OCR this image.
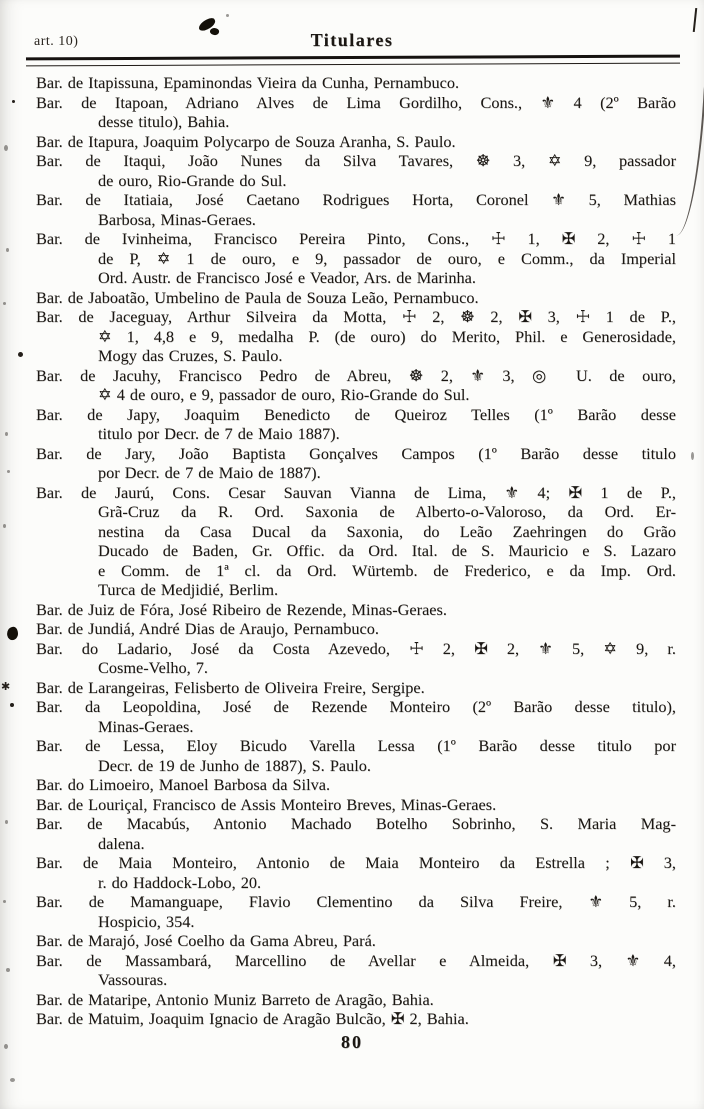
art. 10)	Titulares
Bar. de Itapissuna, Epaminondas Vieira da Cunha, Pernambuco.
Bar. de Itapoan, Adriano Alves de Lima Gordilho, Cons., ⚜ 4 (2º Barão
desse titulo), Bahia.
Bar. de Itapura, Joaquim Polycarpo de Souza Aranha, S. Paulo.
Bar. de Itaqui, João Nunes da Silva Tavares, ☸ 3, ✡ 9, passador
de ouro, Rio-Grande do Sul.
Bar. de Itatiaia, José Caetano Rodrigues Horta, Coronel ⚜ 5, Mathias
Barbosa, Minas-Geraes.
Bar. de Ivinheima, Francisco Pereira Pinto, Cons., ☩ 1, ✠ 2, ☩ 1
de P, ✡ 1 de ouro, e 9, passador de ouro, e Comm., da Imperial
Ord. Austr. de Francisco José e Veador, Ars. de Marinha.
Bar. de Jaboatão, Umbelino de Paula de Souza Leão, Pernambuco.
Bar. de Jaceguay, Arthur Silveira da Motta, ☩ 2, ☸ 2, ✠ 3, ☩ 1 de P.,
✡ 1, 4,8 e 9, medalha P. (de ouro) do Merito, Phil. e Generosidade,
Mogy das Cruzes, S. Paulo.
Bar. de Jacuhy, Francisco Pedro de Abreu, ☸ 2, ⚜ 3, ◎ U. de ouro,
✡ 4 de ouro, e 9, passador de ouro, Rio-Grande do Sul.
Bar. de Japy, Joaquim Benedicto de Queiroz Telles (1º Barão desse
titulo por Decr. de 7 de Maio 1887).
Bar. de Jary, João Baptista Gonçalves Campos (1º Barão desse titulo
por Decr. de 7 de Maio de 1887).
Bar. de Jaurú, Cons. Cesar Sauvan Vianna de Lima, ⚜ 4; ✠ 1 de P.,
Grã-Cruz da R. Ord. Saxonia de Alberto-o-Valoroso, da Ord. Er-
nestina da Casa Ducal da Saxonia, do Leão Zaehringen do Grão
Ducado de Baden, Gr. Offic. da Ord. Ital. de S. Mauricio e S. Lazaro
e Comm. de 1ª cl. da Ord. Würtemb. de Frederico, e da Imp. Ord.
Turca de Medjidié, Berlim.
Bar. de Juiz de Fóra, José Ribeiro de Rezende, Minas-Geraes.
Bar. de Jundiá, André Dias de Araujo, Pernambuco.
Bar. do Ladario, José da Costa Azevedo, ☩ 2, ✠ 2, ⚜ 5, ✡ 9, r.
Cosme-Velho, 7.
Bar. de Larangeiras, Felisberto de Oliveira Freire, Sergipe.
Bar. da Leopoldina, José de Rezende Monteiro (2º Barão desse titulo),
Minas-Geraes.
Bar. de Lessa, Eloy Bicudo Varella Lessa (1º Barão desse titulo por
Decr. de 19 de Junho de 1887), S. Paulo.
Bar. do Limoeiro, Manoel Barbosa da Silva.
Bar. de Louriçal, Francisco de Assis Monteiro Breves, Minas-Geraes.
Bar. de Macabús, Antonio Machado Botelho Sobrinho, S. Maria Mag-
dalena.
Bar. de Maia Monteiro, Antonio de Maia Monteiro da Estrella ; ✠ 3,
r. do Haddock-Lobo, 20.
Bar. de Mamanguape, Flavio Clementino da Silva Freire, ⚜ 5, r.
Hospicio, 354.
Bar. de Marajó, José Coelho da Gama Abreu, Pará.
Bar. de Massambará, Marcellino de Avellar e Almeida, ✠ 3, ⚜ 4,
Vassouras.
Bar. de Mataripe, Antonio Muniz Barreto de Aragão, Bahia.
Bar. de Matuim, Joaquim Ignacio de Aragão Bulcão, ✠ 2, Bahia.
80
✱
